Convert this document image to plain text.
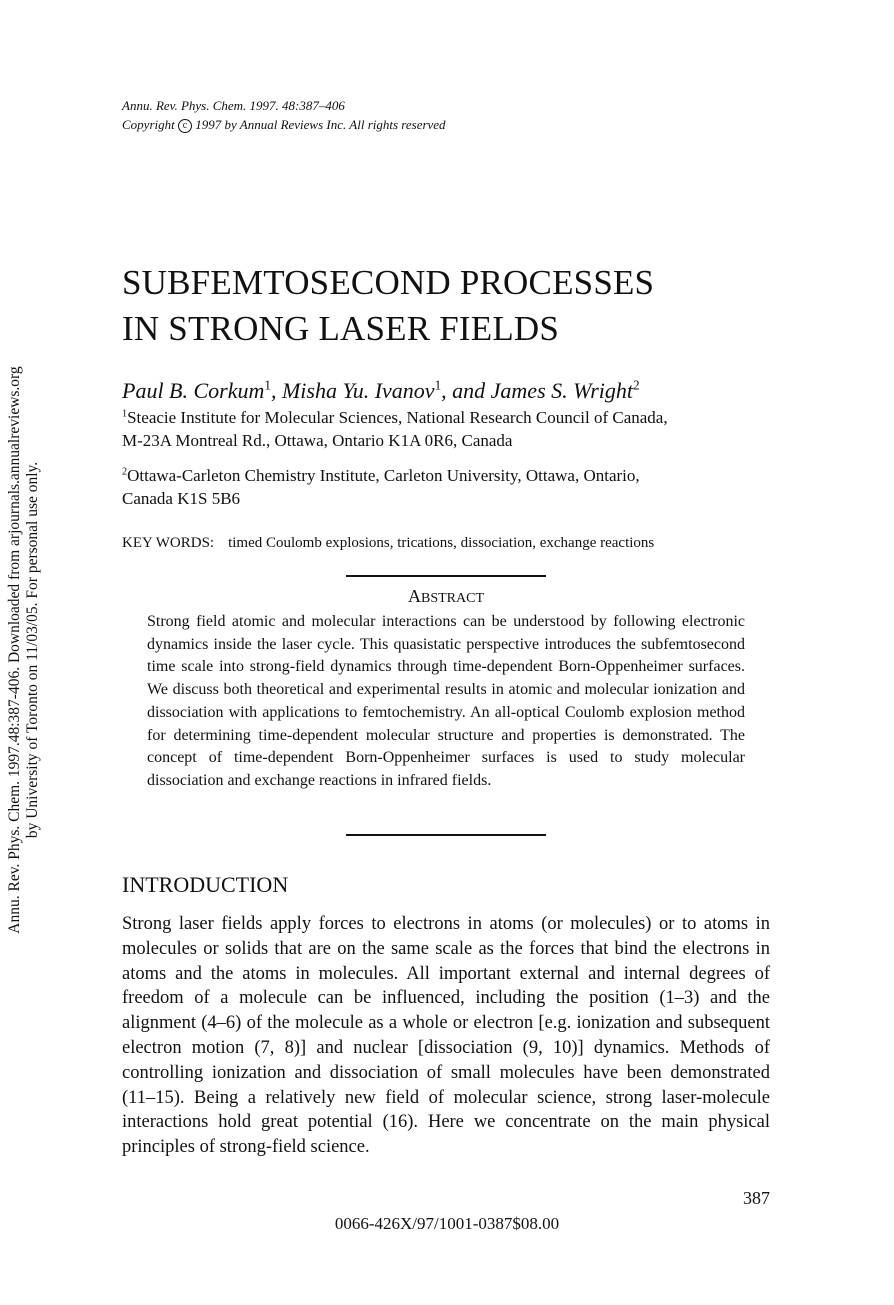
Annu. Rev. Phys. Chem. 1997.48:387-406. Downloaded from arjournals.annualreviews.org by University of Toronto on 11/03/05. For personal use only.
Annu. Rev. Phys. Chem. 1997. 48:387–406
Copyright c 1997 by Annual Reviews Inc. All rights reserved
SUBFEMTOSECOND PROCESSES
IN STRONG LASER FIELDS
Paul B. Corkum$^1$, Misha Yu. Ivanov$^1$, and James S. Wright$^2$
$^1$Steacie Institute for Molecular Sciences, National Research Council of Canada,
M-23A Montreal Rd., Ottawa, Ontario K1A 0R6, Canada
$^2$Ottawa-Carleton Chemistry Institute, Carleton University, Ottawa, Ontario,
Canada K1S 5B6
KEY WORDS: timed Coulomb explosions, trications, dissociation, exchange reactions
ABSTRACT
Strong field atomic and molecular interactions can be understood by following electronic dynamics inside the laser cycle. This quasistatic perspective introduces the subfemtosecond time scale into strong-field dynamics through time-dependent Born-Oppenheimer surfaces. We discuss both theoretical and experimental results in atomic and molecular ionization and dissociation with applications to femtochemistry. An all-optical Coulomb explosion method for determining time-dependent molecular structure and properties is demonstrated. The concept of time-dependent Born-Oppenheimer surfaces is used to study molecular dissociation and exchange reactions in infrared fields.
INTRODUCTION
Strong laser fields apply forces to electrons in atoms (or molecules) or to atoms in molecules or solids that are on the same scale as the forces that bind the electrons in atoms and the atoms in molecules. All important external and internal degrees of freedom of a molecule can be influenced, including the position (1–3) and the alignment (4–6) of the molecule as a whole or electron [e.g. ionization and subsequent electron motion (7, 8)] and nuclear [dissociation (9, 10)] dynamics. Methods of controlling ionization and dissociation of small molecules have been demonstrated (11–15). Being a relatively new field of molecular science, strong laser-molecule interactions hold great potential (16). Here we concentrate on the main physical principles of strong-field science.
387
0066-426X/97/1001-0387$08.00
